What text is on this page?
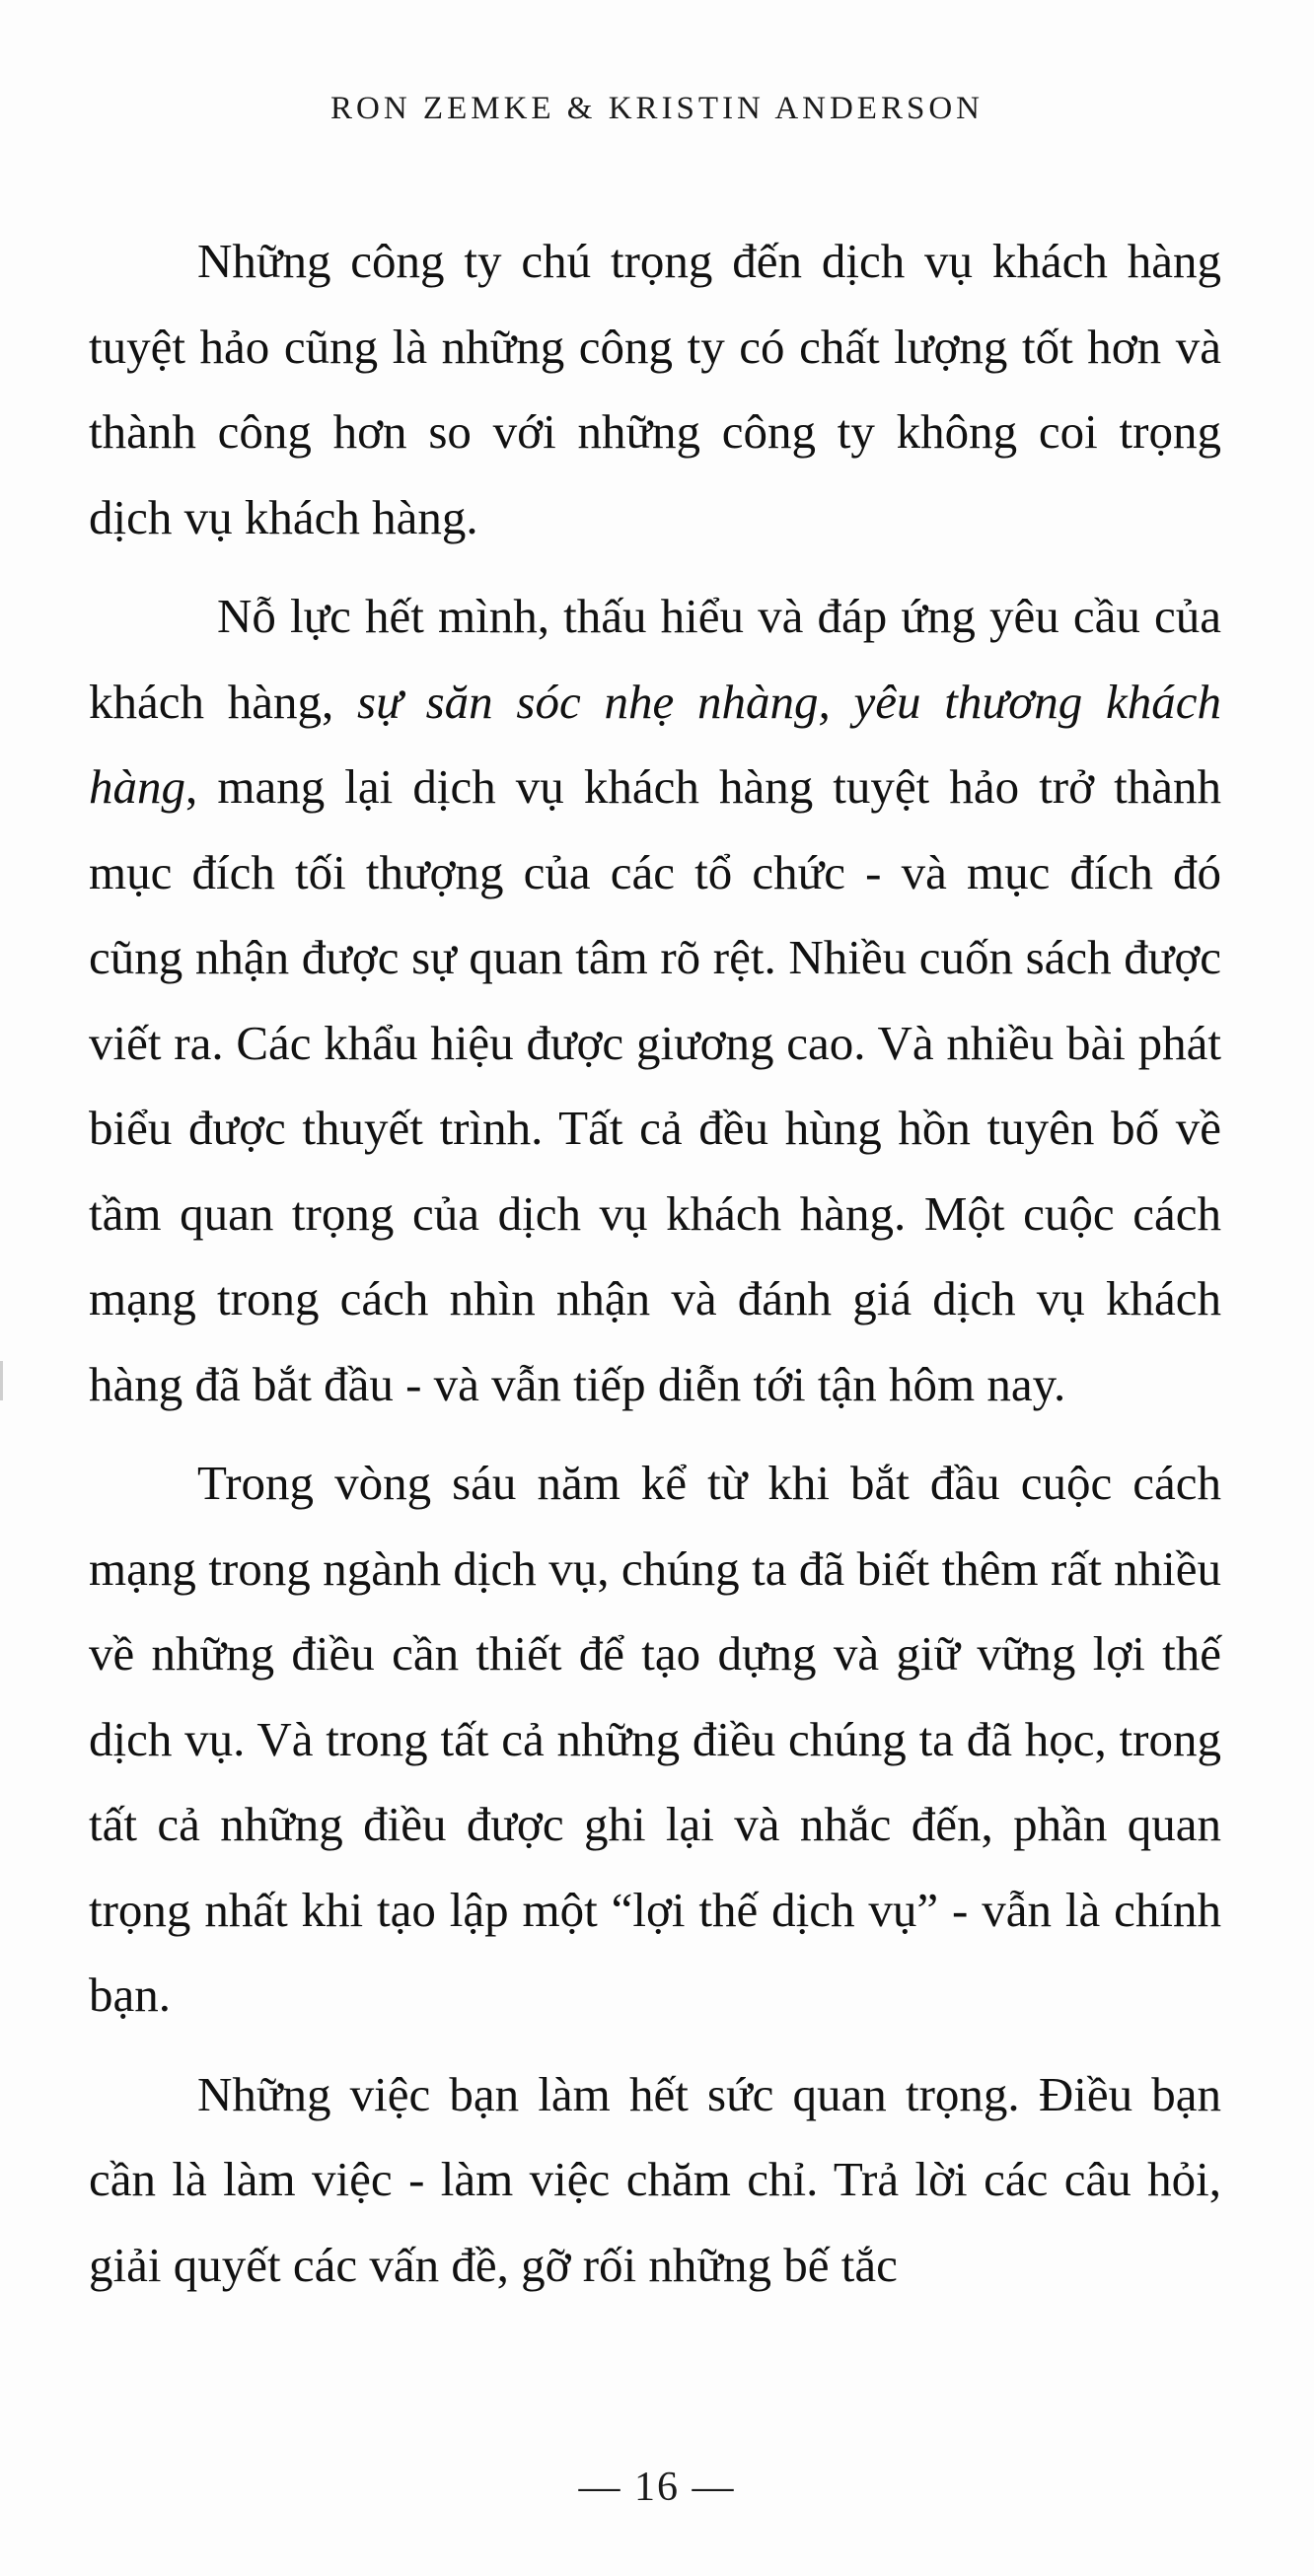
RON ZEMKE & KRISTIN ANDERSON

Những công ty chú trọng đến dịch vụ khách hàng tuyệt hảo cũng là những công ty có chất lượng tốt hơn và thành công hơn so với những công ty không coi trọng dịch vụ khách hàng.

Nỗ lực hết mình, thấu hiểu và đáp ứng yêu cầu của khách hàng, sự săn sóc nhẹ nhàng, yêu thương khách hàng, mang lại dịch vụ khách hàng tuyệt hảo trở thành mục đích tối thượng của các tổ chức - và mục đích đó cũng nhận được sự quan tâm rõ rệt. Nhiều cuốn sách được viết ra. Các khẩu hiệu được giương cao. Và nhiều bài phát biểu được thuyết trình. Tất cả đều hùng hồn tuyên bố về tầm quan trọng của dịch vụ khách hàng. Một cuộc cách mạng trong cách nhìn nhận và đánh giá dịch vụ khách hàng đã bắt đầu - và vẫn tiếp diễn tới tận hôm nay.

Trong vòng sáu năm kể từ khi bắt đầu cuộc cách mạng trong ngành dịch vụ, chúng ta đã biết thêm rất nhiều về những điều cần thiết để tạo dựng và giữ vững lợi thế dịch vụ. Và trong tất cả những điều chúng ta đã học, trong tất cả những điều được ghi lại và nhắc đến, phần quan trọng nhất khi tạo lập một “lợi thế dịch vụ” - vẫn là chính bạn.

Những việc bạn làm hết sức quan trọng. Điều bạn cần là làm việc - làm việc chăm chỉ. Trả lời các câu hỏi, giải quyết các vấn đề, gỡ rối những bế tắc

— 16 —
